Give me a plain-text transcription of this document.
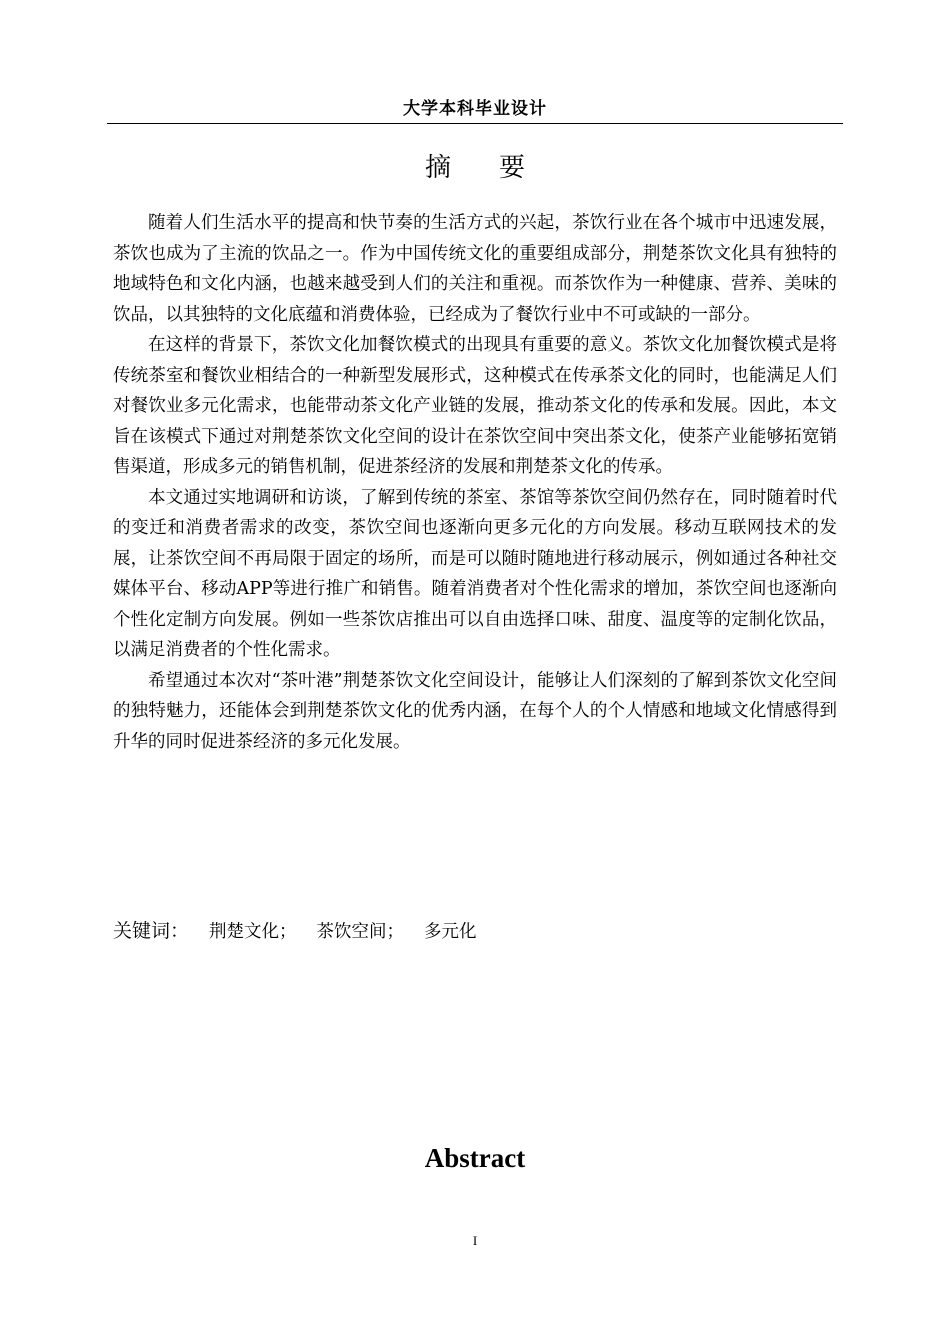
大学本科毕业设计
摘要

随着人们生活水平的提高和快节奏的生活方式的兴起，茶饮行业在各个城市中迅速发展，茶饮也成为了主流的饮品之一。作为中国传统文化的重要组成部分，荆楚茶饮文化具有独特的地域特色和文化内涵，也越来越受到人们的关注和重视。而茶饮作为一种健康、营养、美味的饮品，以其独特的文化底蕴和消费体验，已经成为了餐饮行业中不可或缺的一部分。

在这样的背景下，茶饮文化加餐饮模式的出现具有重要的意义。茶饮文化加餐饮模式是将传统茶室和餐饮业相结合的一种新型发展形式，这种模式在传承茶文化的同时，也能满足人们对餐饮业多元化需求，也能带动茶文化产业链的发展，推动茶文化的传承和发展。因此，本文旨在该模式下通过对荆楚茶饮文化空间的设计在茶饮空间中突出茶文化，使茶产业能够拓宽销售渠道，形成多元的销售机制，促进茶经济的发展和荆楚茶文化的传承。

本文通过实地调研和访谈，了解到传统的茶室、茶馆等茶饮空间仍然存在，同时随着时代的变迁和消费者需求的改变，茶饮空间也逐渐向更多元化的方向发展。移动互联网技术的发展，让茶饮空间不再局限于固定的场所，而是可以随时随地进行移动展示，例如通过各种社交媒体平台、移动APP等进行推广和销售。随着消费者对个性化需求的增加，茶饮空间也逐渐向个性化定制方向发展。例如一些茶饮店推出可以自由选择口味、甜度、温度等的定制化饮品，以满足消费者的个性化需求。

希望通过本次对“茶叶港”荆楚茶饮文化空间设计，能够让人们深刻的了解到茶饮文化空间的独特魅力，还能体会到荆楚茶饮文化的优秀内涵，在每个人的个人情感和地域文化情感得到升华的同时促进茶经济的多元化发展。

关键词： 荆楚文化； 茶饮空间； 多元化
Abstract
I
